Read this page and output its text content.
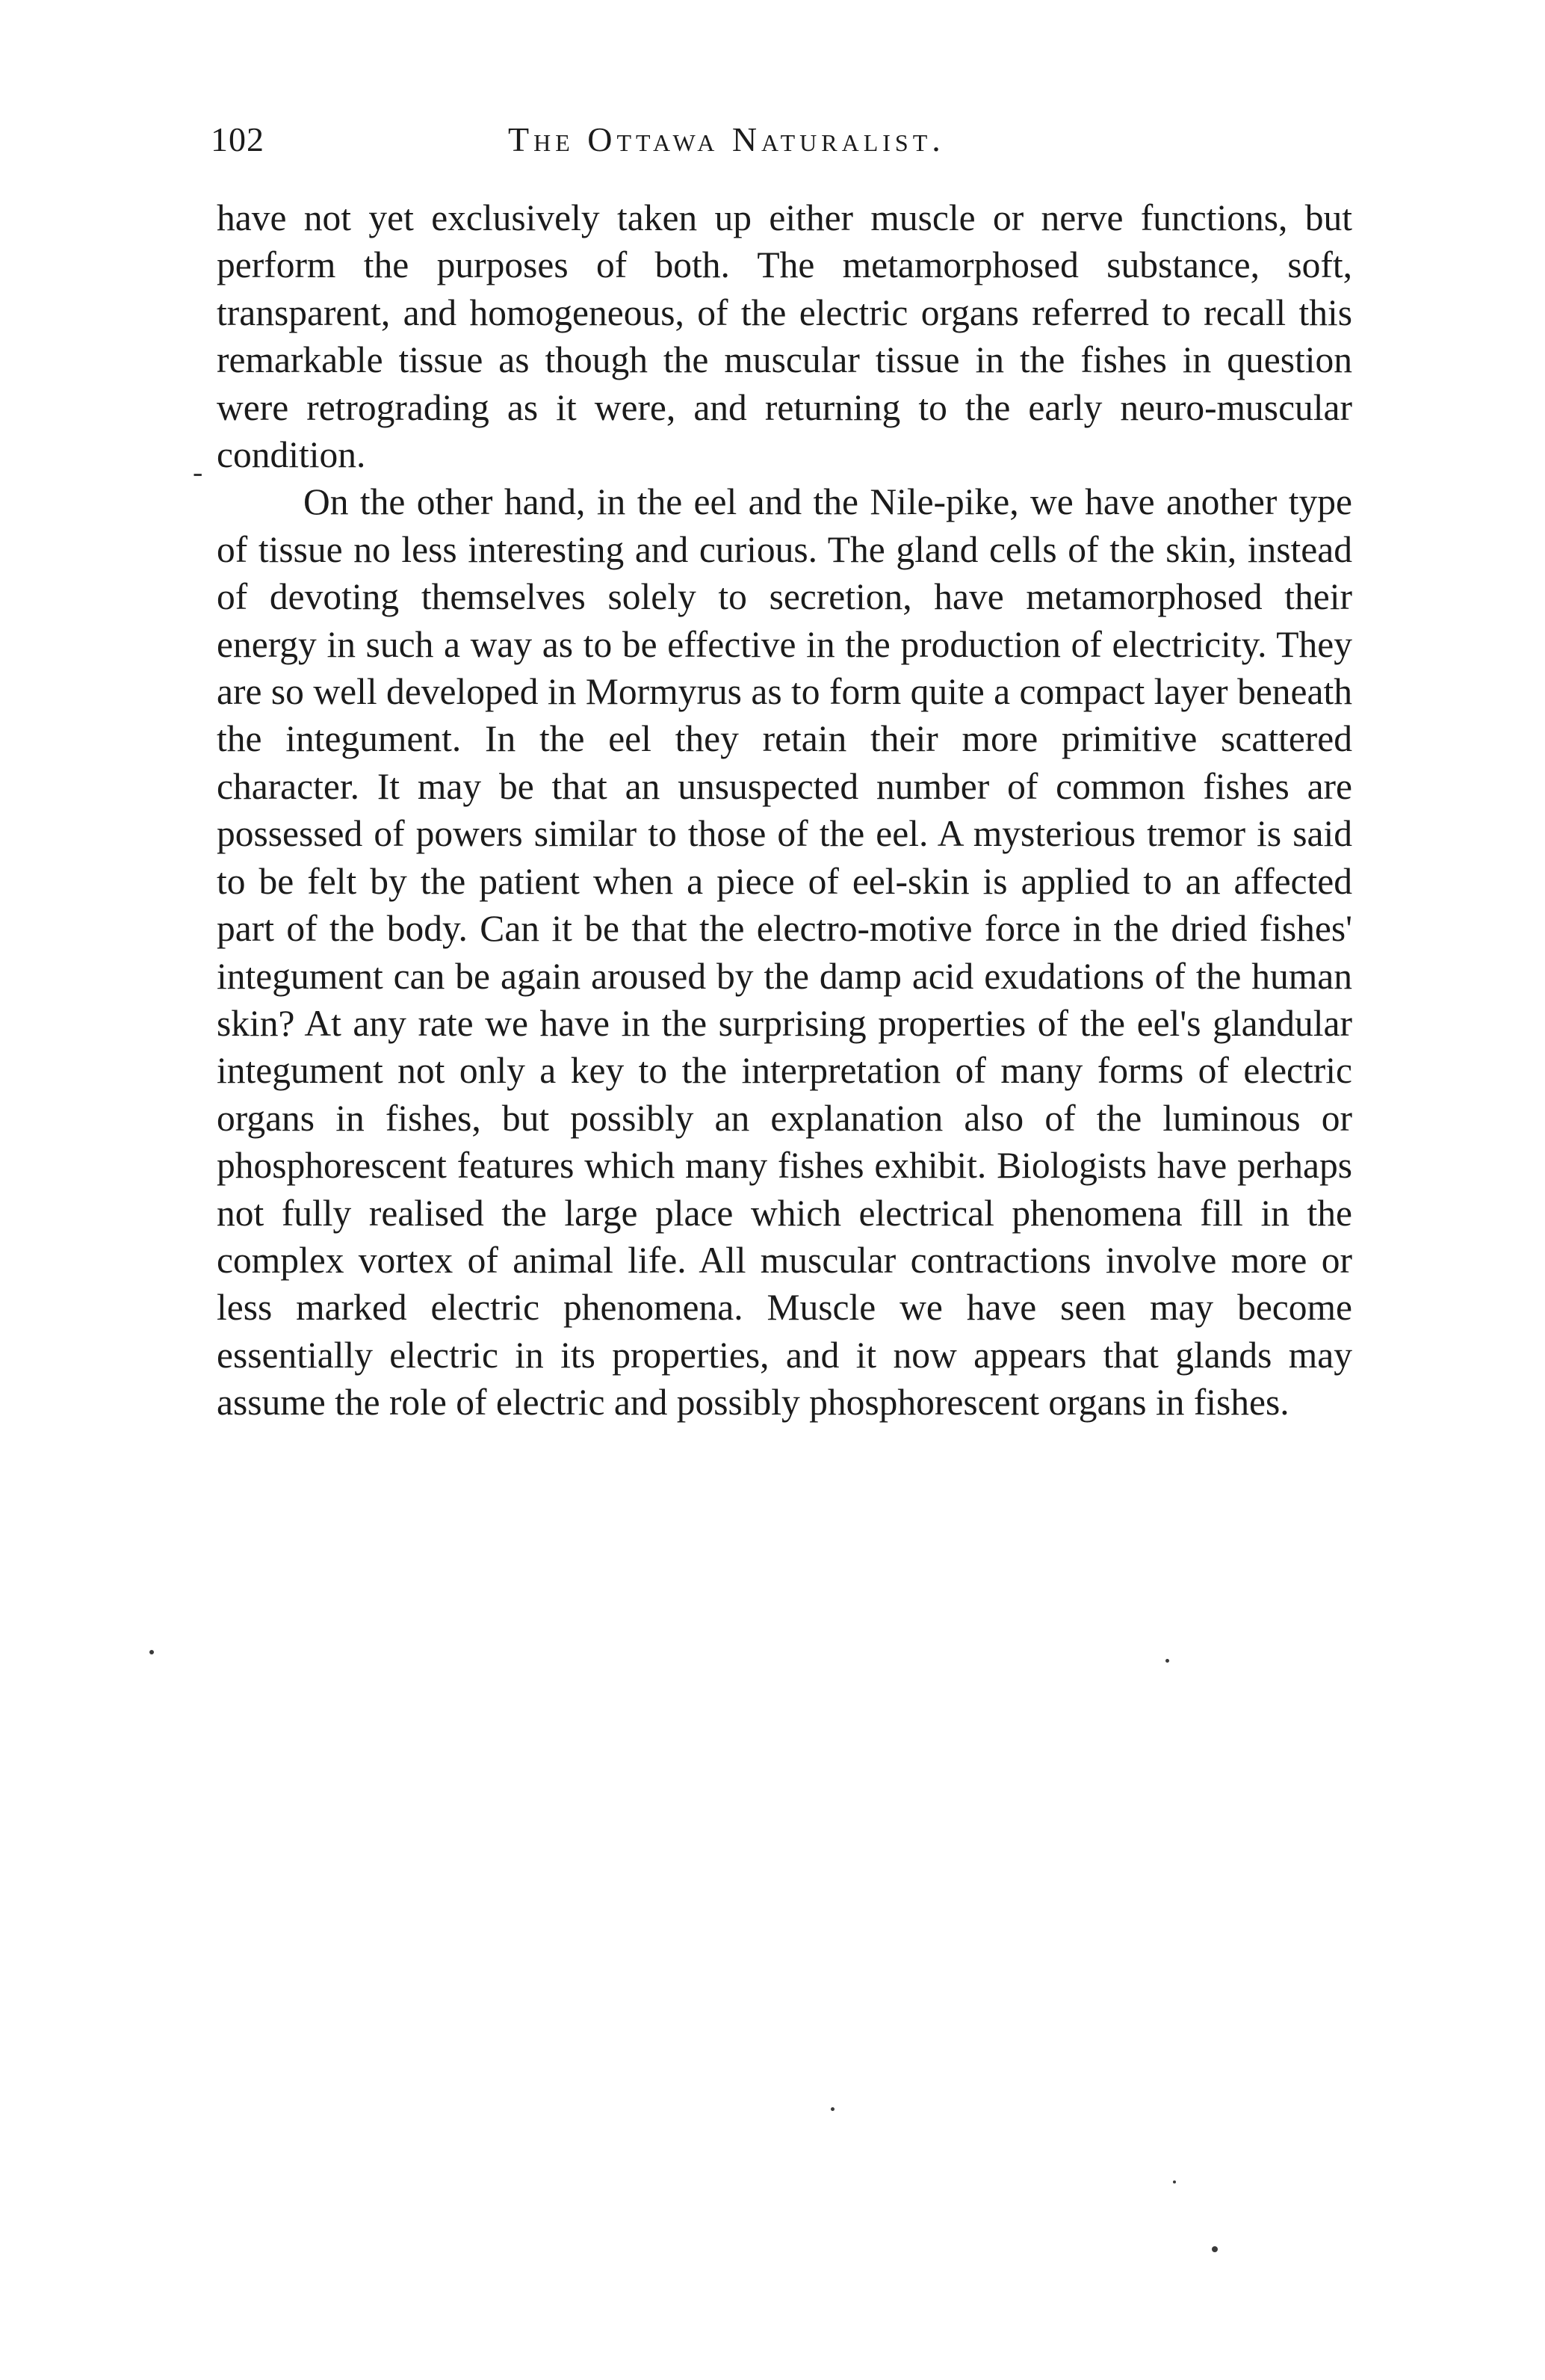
102	The Ottawa Naturalist.

have not yet exclusively taken up either muscle or nerve functions, but perform the purposes of both. The metamorphosed substance, soft, transparent, and homogeneous, of the electric organs referred to recall this remarkable tissue as though the muscular tissue in the fishes in question were retrograding as it were, and returning to the early neuro-muscular condition.

On the other hand, in the eel and the Nile-pike, we have another type of tissue no less interesting and curious. The gland cells of the skin, instead of devoting themselves solely to secretion, have metamorphosed their energy in such a way as to be effective in the production of electricity. They are so well developed in Mormyrus as to form quite a compact layer beneath the integument. In the eel they retain their more primitive scattered character. It may be that an unsuspected number of common fishes are possessed of powers similar to those of the eel. A mysterious tremor is said to be felt by the patient when a piece of eel-skin is applied to an affected part of the body. Can it be that the electro-motive force in the dried fishes' integument can be again aroused by the damp acid exudations of the human skin? At any rate we have in the surprising properties of the eel's glandular integument not only a key to the interpretation of many forms of electric organs in fishes, but possibly an explanation also of the luminous or phosphorescent features which many fishes exhibit. Biologists have perhaps not fully realised the large place which electrical phenomena fill in the complex vortex of animal life. All muscular contractions involve more or less marked electric phenomena. Muscle we have seen may become essentially electric in its properties, and it now appears that glands may assume the role of electric and possibly phosphorescent organs in fishes.

-
